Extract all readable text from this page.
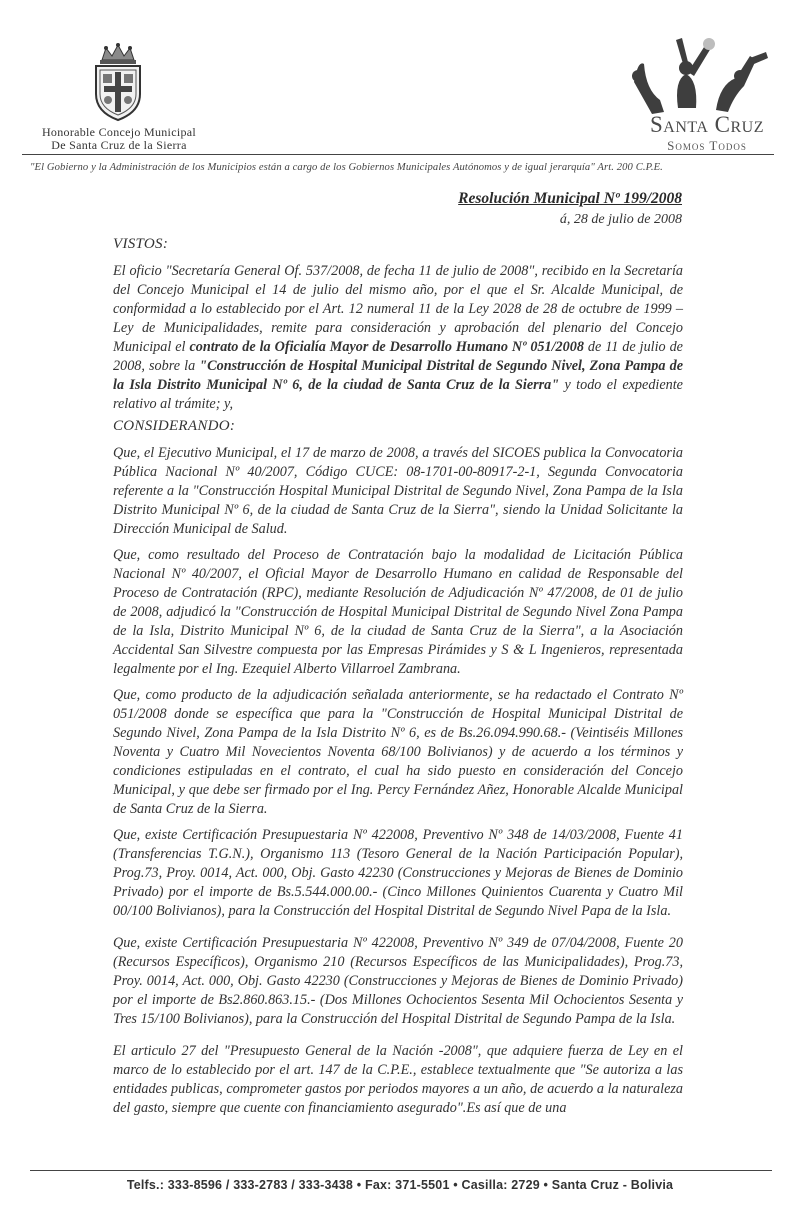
Honorable Concejo Municipal
De Santa Cruz de la Sierra
Santa Cruz
Somos Todos
"El Gobierno y la Administración de los Municipios están a cargo de los Gobiernos Municipales Autónomos y de igual jerarquía" Art. 200 C.P.E.
Resolución Municipal Nº 199/2008
á, 28 de julio de 2008
VISTOS:

El oficio "Secretaría General Of. 537/2008, de fecha 11 de julio de 2008", recibido en la Secretaría del Concejo Municipal el 14 de julio del mismo año, por el que el Sr. Alcalde Municipal, de conformidad a lo establecido por el Art. 12 numeral 11 de la Ley 2028 de 28 de octubre de 1999 – Ley de Municipalidades, remite para consideración y aprobación del plenario del Concejo Municipal el contrato de la Oficialía Mayor de Desarrollo Humano Nº 051/2008 de 11 de julio de 2008, sobre la "Construcción de Hospital Municipal Distrital de Segundo Nivel, Zona Pampa de la Isla Distrito Municipal Nº 6, de la ciudad de Santa Cruz de la Sierra" y todo el expediente relativo al trámite; y,

CONSIDERANDO:

Que, el Ejecutivo Municipal, el 17 de marzo de 2008, a través del SICOES publica la Convocatoria Pública Nacional Nº 40/2007, Código CUCE: 08-1701-00-80917-2-1, Segunda Convocatoria referente a la "Construcción Hospital Municipal Distrital de Segundo Nivel, Zona Pampa de la Isla Distrito Municipal Nº 6, de la ciudad de Santa Cruz de la Sierra", siendo la Unidad Solicitante la Dirección Municipal de Salud.

Que, como resultado del Proceso de Contratación bajo la modalidad de Licitación Pública Nacional Nº 40/2007, el Oficial Mayor de Desarrollo Humano en calidad de Responsable del Proceso de Contratación (RPC), mediante Resolución de Adjudicación Nº 47/2008, de 01 de julio de 2008, adjudicó la "Construcción de Hospital Municipal Distrital de Segundo Nivel Zona Pampa de la Isla, Distrito Municipal Nº 6, de la ciudad de Santa Cruz de la Sierra", a la Asociación Accidental San Silvestre compuesta por las Empresas Pirámides y S & L Ingenieros, representada legalmente por el Ing. Ezequiel Alberto Villarroel Zambrana.

Que, como producto de la adjudicación señalada anteriormente, se ha redactado el Contrato Nº 051/2008 donde se específica que para la "Construcción de Hospital Municipal Distrital de Segundo Nivel, Zona Pampa de la Isla Distrito Nº 6, es de Bs.26.094.990.68.- (Veintiséis Millones Noventa y Cuatro Mil Novecientos Noventa 68/100 Bolivianos) y de acuerdo a los términos y condiciones estipuladas en el contrato, el cual ha sido puesto en consideración del Concejo Municipal, y que debe ser firmado por el Ing. Percy Fernández Añez, Honorable Alcalde Municipal de Santa Cruz de la Sierra.

Que, existe Certificación Presupuestaria Nº 422008, Preventivo Nº 348 de 14/03/2008, Fuente 41 (Transferencias T.G.N.), Organismo 113 (Tesoro General de la Nación Participación Popular), Prog.73, Proy. 0014, Act. 000, Obj. Gasto 42230 (Construcciones y Mejoras de Bienes de Dominio Privado) por el importe de Bs.5.544.000.00.- (Cinco Millones Quinientos Cuarenta y Cuatro Mil 00/100 Bolivianos), para la Construcción del Hospital Distrital de Segundo Nivel Papa de la Isla.

Que, existe Certificación Presupuestaria Nº 422008, Preventivo Nº 349 de 07/04/2008, Fuente 20 (Recursos Específicos), Organismo 210 (Recursos Específicos de las Municipalidades), Prog.73, Proy. 0014, Act. 000, Obj. Gasto 42230 (Construcciones y Mejoras de Bienes de Dominio Privado) por el importe de Bs2.860.863.15.- (Dos Millones Ochocientos Sesenta Mil Ochocientos Sesenta y Tres 15/100 Bolivianos), para la Construcción del Hospital Distrital de Segundo Pampa de la Isla.

El articulo 27 del "Presupuesto General de la Nación -2008", que adquiere fuerza de Ley en el marco de lo establecido por el art. 147 de la C.P.E., establece textualmente que "Se autoriza a las entidades publicas, comprometer gastos por periodos mayores a un año, de acuerdo a la naturaleza del gasto, siempre que cuente con financiamiento asegurado".Es así que de una

Telfs.: 333-8596 / 333-2783 / 333-3438 • Fax: 371-5501 • Casilla: 2729 • Santa Cruz - Bolivia
